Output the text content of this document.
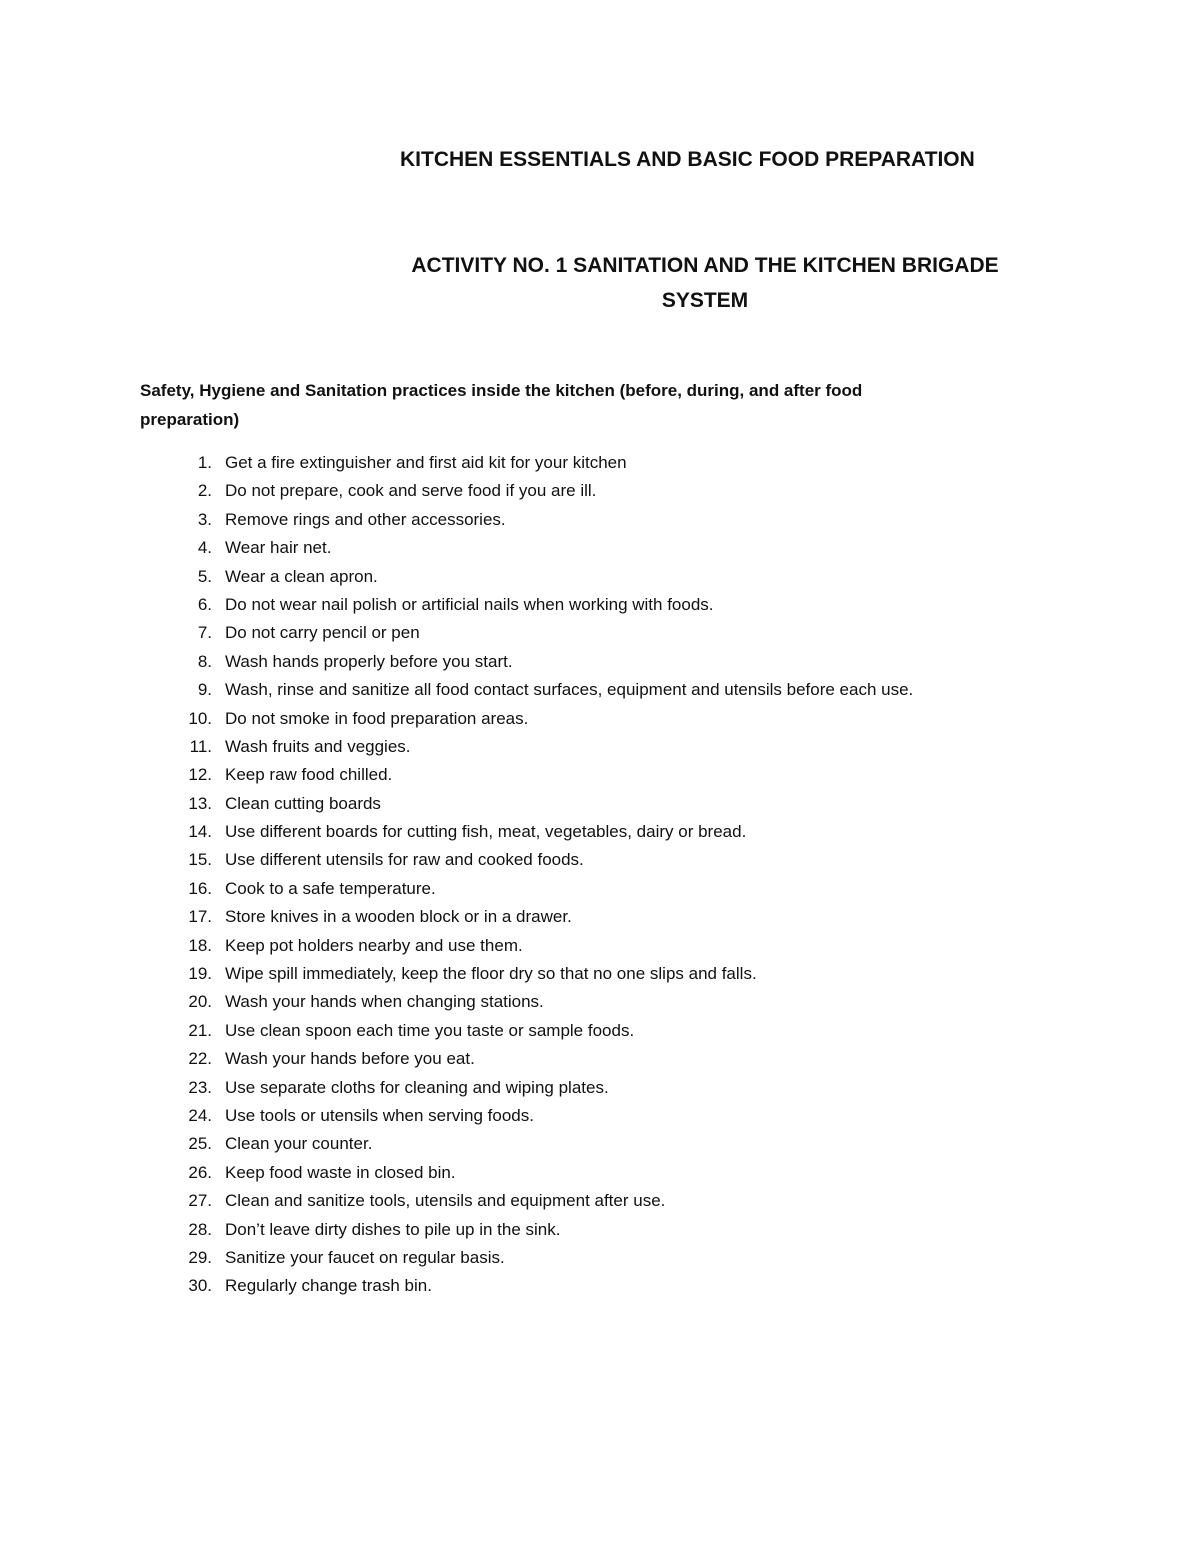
KITCHEN ESSENTIALS AND BASIC FOOD PREPARATION
ACTIVITY NO. 1 SANITATION AND THE KITCHEN BRIGADE
SYSTEM

Safety, Hygiene and Sanitation practices inside the kitchen (before, during, and after food
preparation)

1. Get a fire extinguisher and first aid kit for your kitchen
2. Do not prepare, cook and serve food if you are ill.
3. Remove rings and other accessories.
4. Wear hair net.
5. Wear a clean apron.
6. Do not wear nail polish or artificial nails when working with foods.
7. Do not carry pencil or pen
8. Wash hands properly before you start.
9. Wash, rinse and sanitize all food contact surfaces, equipment and utensils before each use.
10. Do not smoke in food preparation areas.
11. Wash fruits and veggies.
12. Keep raw food chilled.
13. Clean cutting boards
14. Use different boards for cutting fish, meat, vegetables, dairy or bread.
15. Use different utensils for raw and cooked foods.
16. Cook to a safe temperature.
17. Store knives in a wooden block or in a drawer.
18. Keep pot holders nearby and use them.
19. Wipe spill immediately, keep the floor dry so that no one slips and falls.
20. Wash your hands when changing stations.
21. Use clean spoon each time you taste or sample foods.
22. Wash your hands before you eat.
23. Use separate cloths for cleaning and wiping plates.
24. Use tools or utensils when serving foods.
25. Clean your counter.
26. Keep food waste in closed bin.
27. Clean and sanitize tools, utensils and equipment after use.
28. Don’t leave dirty dishes to pile up in the sink.
29. Sanitize your faucet on regular basis.
30. Regularly change trash bin.
